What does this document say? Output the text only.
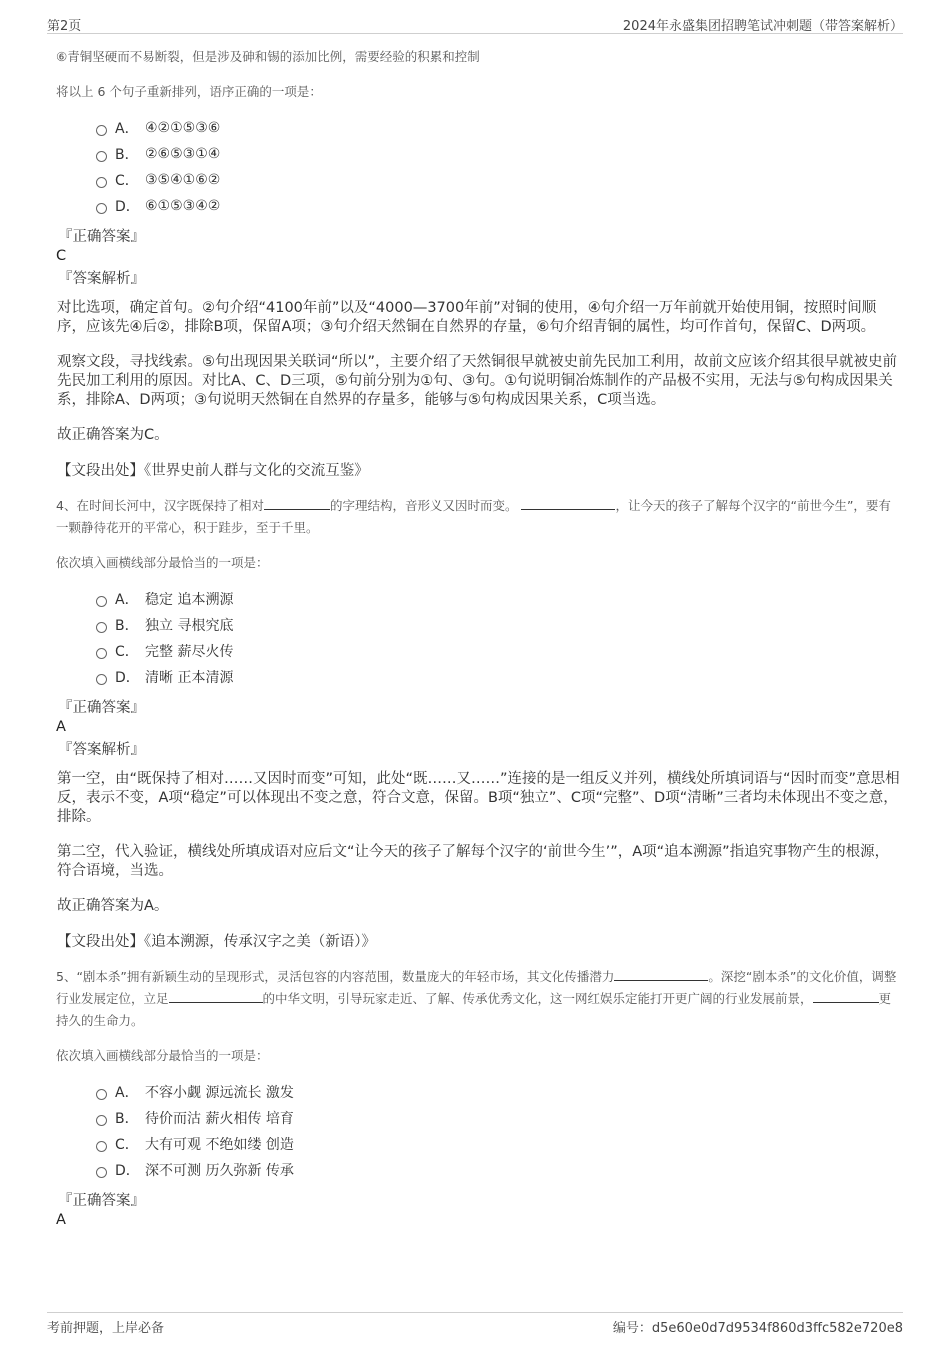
第2页	2024年永盛集团招聘笔试冲刺题（带答案解析）
⑥青铜坚硬而不易断裂，但是涉及砷和锡的添加比例，需要经验的积累和控制
将以上 6 个句子重新排列，语序正确的一项是：
A． ④②①⑤③⑥
B． ②⑥⑤③①④
C． ③⑤④①⑥②
D． ⑥①⑤③④②
『正确答案』
C
『答案解析』
对比选项，确定首句。②句介绍“4100年前”以及“4000—3700年前”对铜的使用，④句介绍一万年前就开始使用铜，按照时间顺序，应该先④后②，排除B项，保留A项；③句介绍天然铜在自然界的存量，⑥句介绍青铜的属性，均可作首句，保留C、D两项。
观察文段，寻找线索。⑤句出现因果关联词“所以”，主要介绍了天然铜很早就被史前先民加工利用，故前文应该介绍其很早就被史前先民加工利用的原因。对比A、C、D三项，⑤句前分别为①句、③句。①句说明铜冶炼制作的产品极不实用，无法与⑤句构成因果关系，排除A、D两项；③句说明天然铜在自然界的存量多，能够与⑤句构成因果关系，C项当选。
故正确答案为C。
【文段出处】《世界史前人群与文化的交流互鉴》
4、在时间长河中，汉字既保持了相对	的字理结构，音形义又因时而变。	，让今天的孩子了解每个汉字的“前世今生”，要有一颗静待花开的平常心，积于跬步，至于千里。
依次填入画横线部分最恰当的一项是：
A． 稳定 追本溯源
B． 独立 寻根究底
C． 完整 薪尽火传
D． 清晰 正本清源
『正确答案』
A
『答案解析』
第一空，由“既保持了相对……又因时而变”可知，此处“既……又……”连接的是一组反义并列，横线处所填词语与“因时而变”意思相反，表示不变，A项“稳定”可以体现出不变之意，符合文意，保留。B项“独立”、C项“完整”、D项“清晰”三者均未体现出不变之意，排除。
第二空，代入验证，横线处所填成语对应后文“让今天的孩子了解每个汉字的‘前世今生’”，A项“追本溯源”指追究事物产生的根源，符合语境，当选。
故正确答案为A。
【文段出处】《追本溯源，传承汉字之美（新语）》
5、“剧本杀”拥有新颖生动的呈现形式，灵活包容的内容范围，数量庞大的年轻市场，其文化传播潜力	。深挖“剧本杀”的文化价值，调整行业发展定位，立足	的中华文明，引导玩家走近、了解、传承优秀文化，这一网红娱乐定能打开更广阔的行业发展前景，	更持久的生命力。
依次填入画横线部分最恰当的一项是：
A． 不容小觑 源远流长 激发
B． 待价而沽 薪火相传 培育
C． 大有可观 不绝如缕 创造
D． 深不可测 历久弥新 传承
『正确答案』
A
考前押题，上岸必备	编号：d5e60e0d7d9534f860d3ffc582e720e8
